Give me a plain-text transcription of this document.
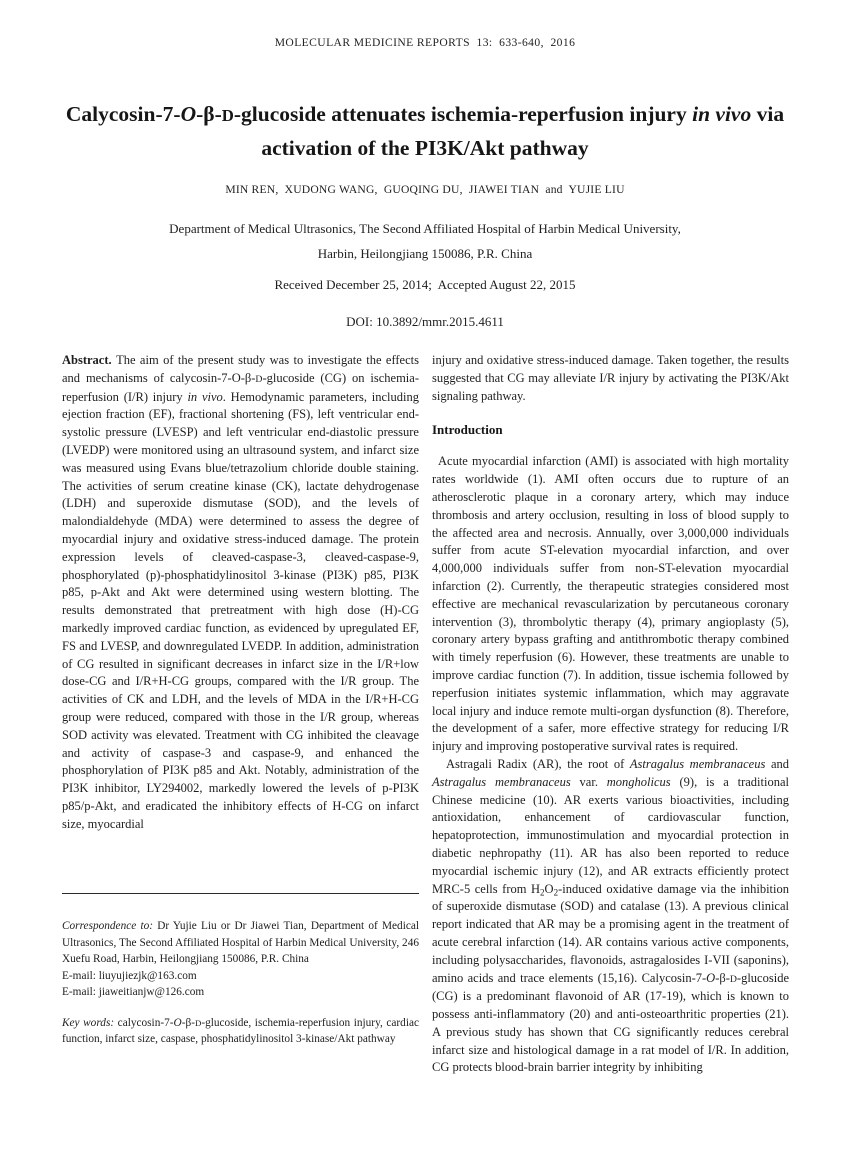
MOLECULAR MEDICINE REPORTS  13:  633-640,  2016
Calycosin-7-O-β-D-glucoside attenuates ischemia-reperfusion injury in vivo via activation of the PI3K/Akt pathway
MIN REN,  XUDONG WANG,  GUOQING DU,  JIAWEI TIAN  and  YUJIE LIU
Department of Medical Ultrasonics, The Second Affiliated Hospital of Harbin Medical University,
Harbin, Heilongjiang 150086, P.R. China
Received December 25, 2014;  Accepted August 22, 2015
DOI: 10.3892/mmr.2015.4611

Abstract. The aim of the present study was to investigate the effects and mechanisms of calycosin-7-O-β-D-glucoside (CG) on ischemia-reperfusion (I/R) injury in vivo. Hemodynamic parameters, including ejection fraction (EF), fractional shortening (FS), left ventricular end-systolic pressure (LVESP) and left ventricular end-diastolic pressure (LVEDP) were monitored using an ultrasound system, and infarct size was measured using Evans blue/tetrazolium chloride double staining. The activities of serum creatine kinase (CK), lactate dehydrogenase (LDH) and superoxide dismutase (SOD), and the levels of malondialdehyde (MDA) were determined to assess the degree of myocardial injury and oxidative stress-induced damage. The protein expression levels of cleaved-caspase-3, cleaved-caspase-9, phosphorylated (p)-phosphatidylinositol 3-kinase (PI3K) p85, PI3K p85, p-Akt and Akt were determined using western blotting. The results demonstrated that pretreatment with high dose (H)-CG markedly improved cardiac function, as evidenced by upregulated EF, FS and LVESP, and downregulated LVEDP. In addition, administration of CG resulted in significant decreases in infarct size in the I/R+low dose-CG and I/R+H-CG groups, compared with the I/R group. The activities of CK and LDH, and the levels of MDA in the I/R+H-CG group were reduced, compared with those in the I/R group, whereas SOD activity was elevated. Treatment with CG inhibited the cleavage and activity of caspase-3 and caspase-9, and enhanced the phosphorylation of PI3K p85 and Akt. Notably, administration of the PI3K inhibitor, LY294002, markedly lowered the levels of p-PI3K p85/p-Akt, and eradicated the inhibitory effects of H-CG on infarct size, myocardial

Correspondence to: Dr Yujie Liu or Dr Jiawei Tian, Department of Medical Ultrasonics, The Second Affiliated Hospital of Harbin Medical University, 246 Xuefu Road, Harbin, Heilongjiang 150086, P.R. China

E-mail: liuyujiezjk@163.com
E-mail: jiaweitianjw@126.com

Key words: calycosin-7-O-β-D-glucoside, ischemia-reperfusion injury, cardiac function, infarct size, caspase, phosphatidylinositol 3-kinase/Akt pathway

injury and oxidative stress-induced damage. Taken together, the results suggested that CG may alleviate I/R injury by activating the PI3K/Akt signaling pathway.

Introduction

Acute myocardial infarction (AMI) is associated with high mortality rates worldwide (1). AMI often occurs due to rupture of an atherosclerotic plaque in a coronary artery, which may induce thrombosis and artery occlusion, resulting in loss of blood supply to the affected area and necrosis. Annually, over 3,000,000 individuals suffer from acute ST-elevation myocardial infarction, and over 4,000,000 individuals suffer from non-ST-elevation myocardial infarction (2). Currently, the therapeutic strategies considered most effective are mechanical revascularization by percutaneous coronary intervention (3), thrombolytic therapy (4), primary angioplasty (5), coronary artery bypass grafting and antithrombotic therapy combined with timely reperfusion (6). However, these treatments are unable to improve cardiac function (7). In addition, tissue ischemia followed by reperfusion initiates systemic inflammation, which may aggravate local injury and induce remote multi-organ dysfunction (8). Therefore, the development of a safer, more effective strategy for reducing I/R injury and improving postoperative survival rates is required.

Astragali Radix (AR), the root of Astragalus membranaceus and Astragalus membranaceus var. mongholicus (9), is a traditional Chinese medicine (10). AR exerts various bioactivities, including antioxidation, enhancement of cardiovascular function, hepatoprotection, immunostimulation and myocardial protection in diabetic nephropathy (11). AR has also been reported to reduce myocardial ischemic injury (12), and AR extracts efficiently protect MRC-5 cells from H2O2-induced oxidative damage via the inhibition of superoxide dismutase (SOD) and catalase (13). A previous clinical report indicated that AR may be a promising agent in the treatment of acute cerebral infarction (14). AR contains various active components, including polysaccharides, flavonoids, astragalosides I-VII (saponins), amino acids and trace elements (15,16). Calycosin-7-O-β-D-glucoside (CG) is a predominant flavonoid of AR (17-19), which is known to possess anti-inflammatory (20) and anti-osteoarthritic properties (21). A previous study has shown that CG significantly reduces cerebral infarct size and histological damage in a rat model of I/R. In addition, CG protects blood-brain barrier integrity by inhibiting
